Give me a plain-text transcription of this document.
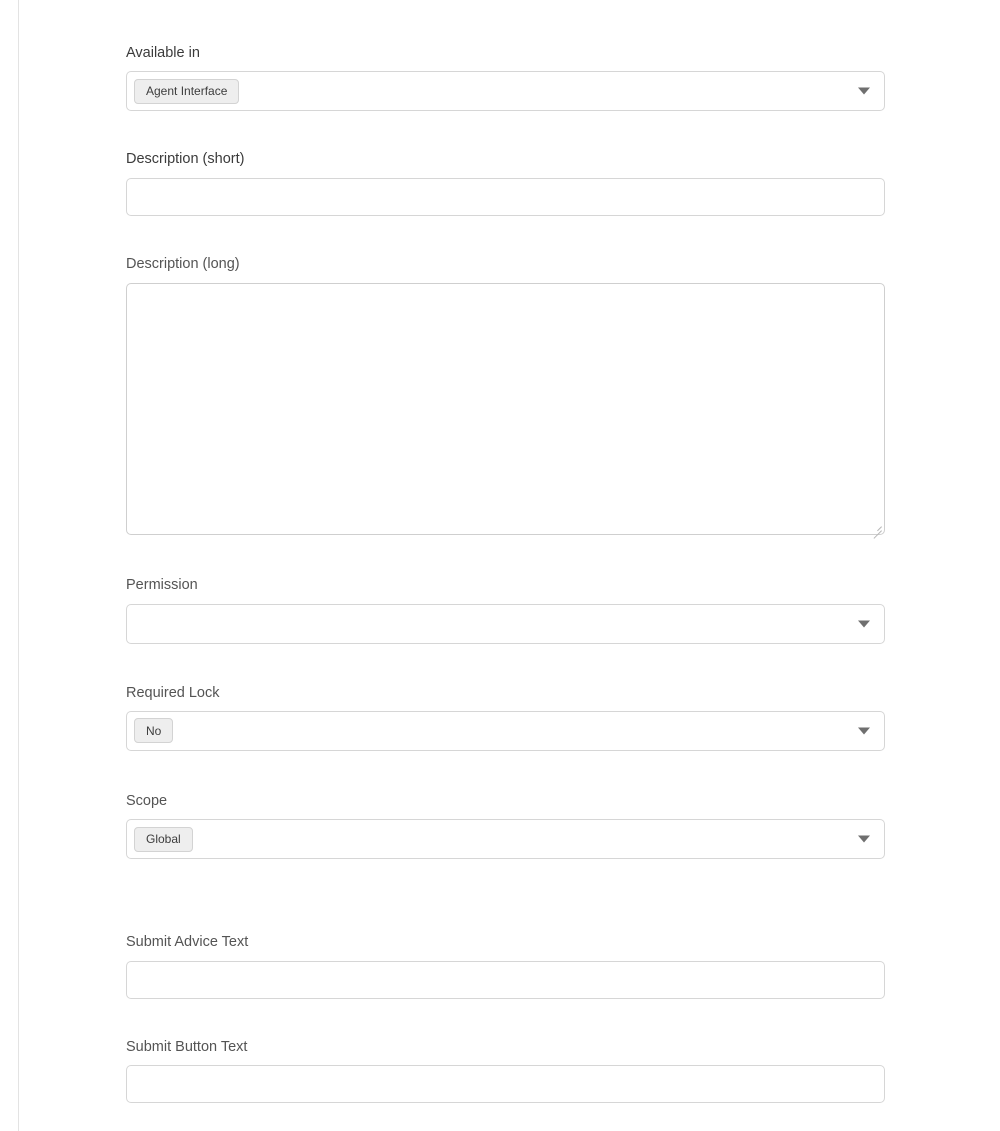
Available in
Agent Interface
Description (short)
Description (long)
Permission
Required Lock
No
Scope
Global
Submit Advice Text
Submit Button Text
